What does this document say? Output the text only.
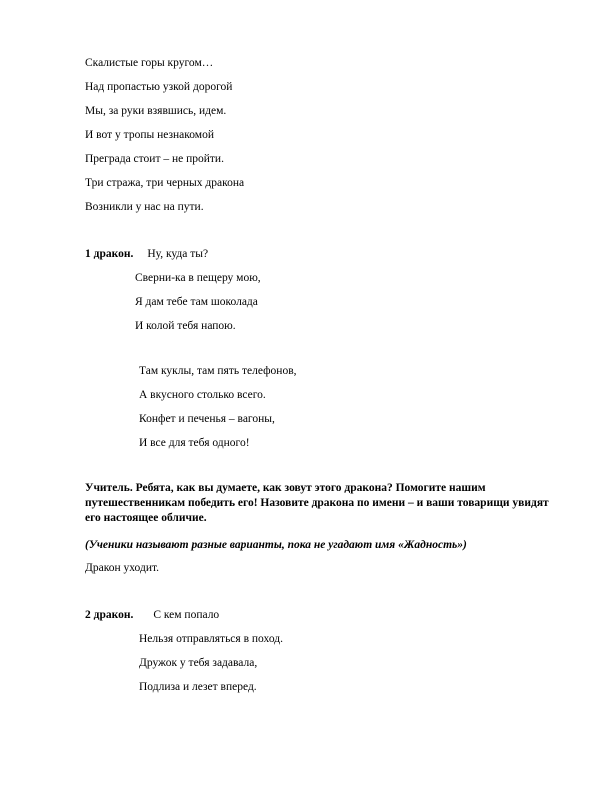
Скалистые горы кругом…
Над пропастью узкой дорогой
Мы, за руки взявшись, идем.
И вот у тропы незнакомой
Преграда стоит – не пройти.
Три стража, три черных дракона
Возникли у нас на пути.
1 дракон. Ну, куда ты?
Сверни-ка в пещеру мою,
Я дам тебе там шоколада
И колой тебя напою.
Там куклы, там пять телефонов,
А вкусного столько всего.
Конфет и печенья – вагоны,
И все для тебя одного!
Учитель. Ребята, как вы думаете, как зовут этого дракона? Помогите нашим путешественникам победить его! Назовите дракона по имени – и ваши товарищи увидят его настоящее обличие.
(Ученики называют разные варианты, пока не угадают имя «Жадность»)
Дракон уходит.
2 дракон. С кем попало
Нельзя отправляться в поход.
Дружок у тебя задавала,
Подлиза и лезет вперед.
